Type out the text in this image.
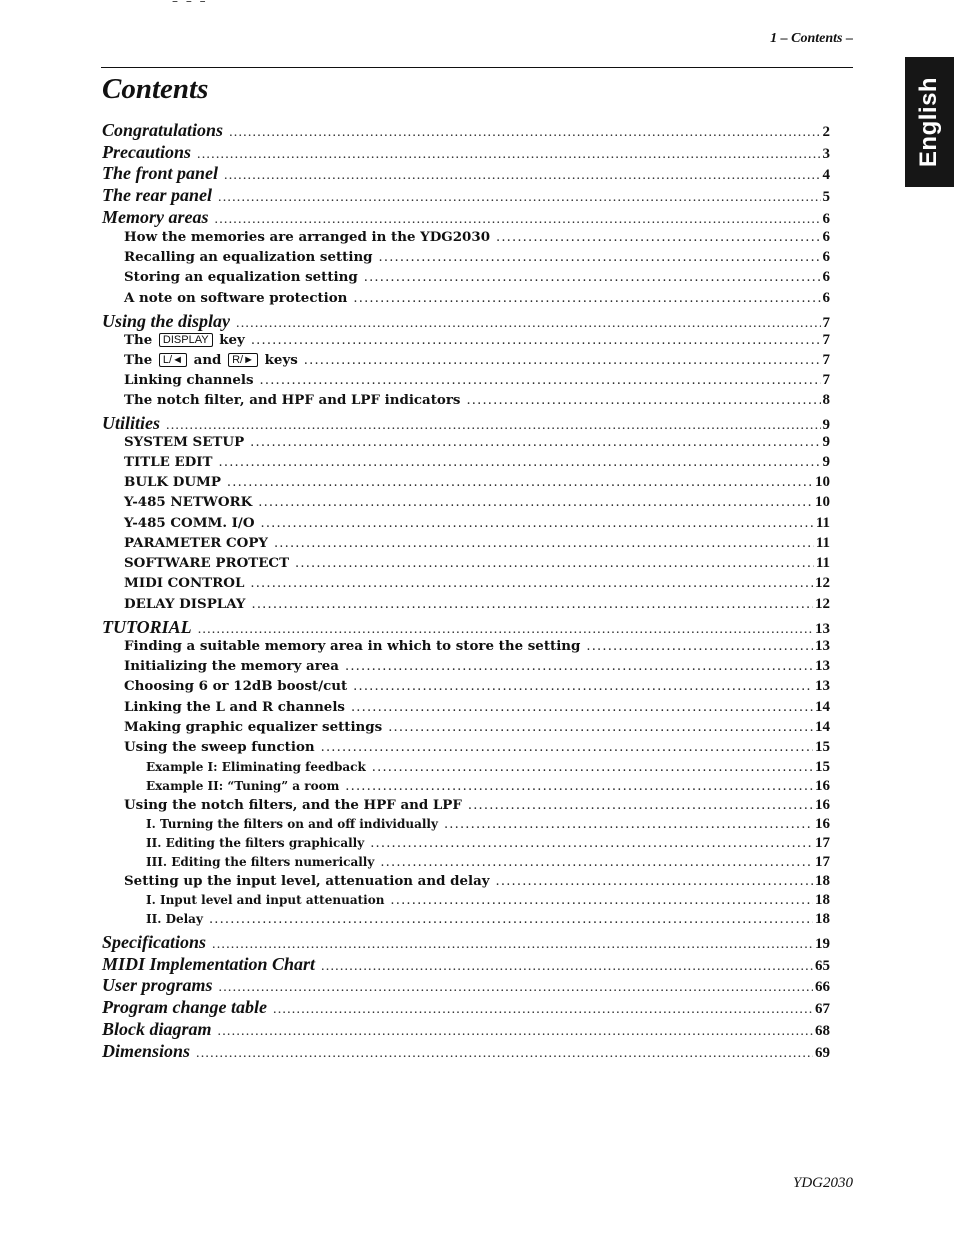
– – –
1 – Contents –
English
Contents
Congratulations .....	2
Precautions .....	3
The front panel .....	4
The rear panel .....	5
Memory areas .....	6
How the memories are arranged in the YDG2030 .....	6
Recalling an equalization setting .....	6
Storing an equalization setting .....	6
A note on software protection .....	6
Using the display .....	7
The DISPLAY key .....	7
The L/◄ and R/► keys .....	7
Linking channels .....	7
The notch filter, and HPF and LPF indicators .....	8
Utilities .....	9
SYSTEM SETUP .....	9
TITLE EDIT .....	9
BULK DUMP .....	10
Y-485 NETWORK .....	10
Y-485 COMM. I/O .....	11
PARAMETER COPY .....	11
SOFTWARE PROTECT .....	11
MIDI CONTROL .....	12
DELAY DISPLAY .....	12
TUTORIAL .....	13
Finding a suitable memory area in which to store the setting .....	13
Initializing the memory area .....	13
Choosing 6 or 12dB boost/cut .....	13
Linking the L and R channels .....	14
Making graphic equalizer settings .....	14
Using the sweep function .....	15
Example I: Eliminating feedback .....	15
Example II: “Tuning” a room .....	16
Using the notch filters, and the HPF and LPF .....	16
I. Turning the filters on and off individually .....	16
II. Editing the filters graphically .....	17
III. Editing the filters numerically .....	17
Setting up the input level, attenuation and delay .....	18
I. Input level and input attenuation .....	18
II. Delay .....	18
Specifications .....	19
MIDI Implementation Chart .....	65
User programs .....	66
Program change table .....	67
Block diagram .....	68
Dimensions .....	69
YDG2030
